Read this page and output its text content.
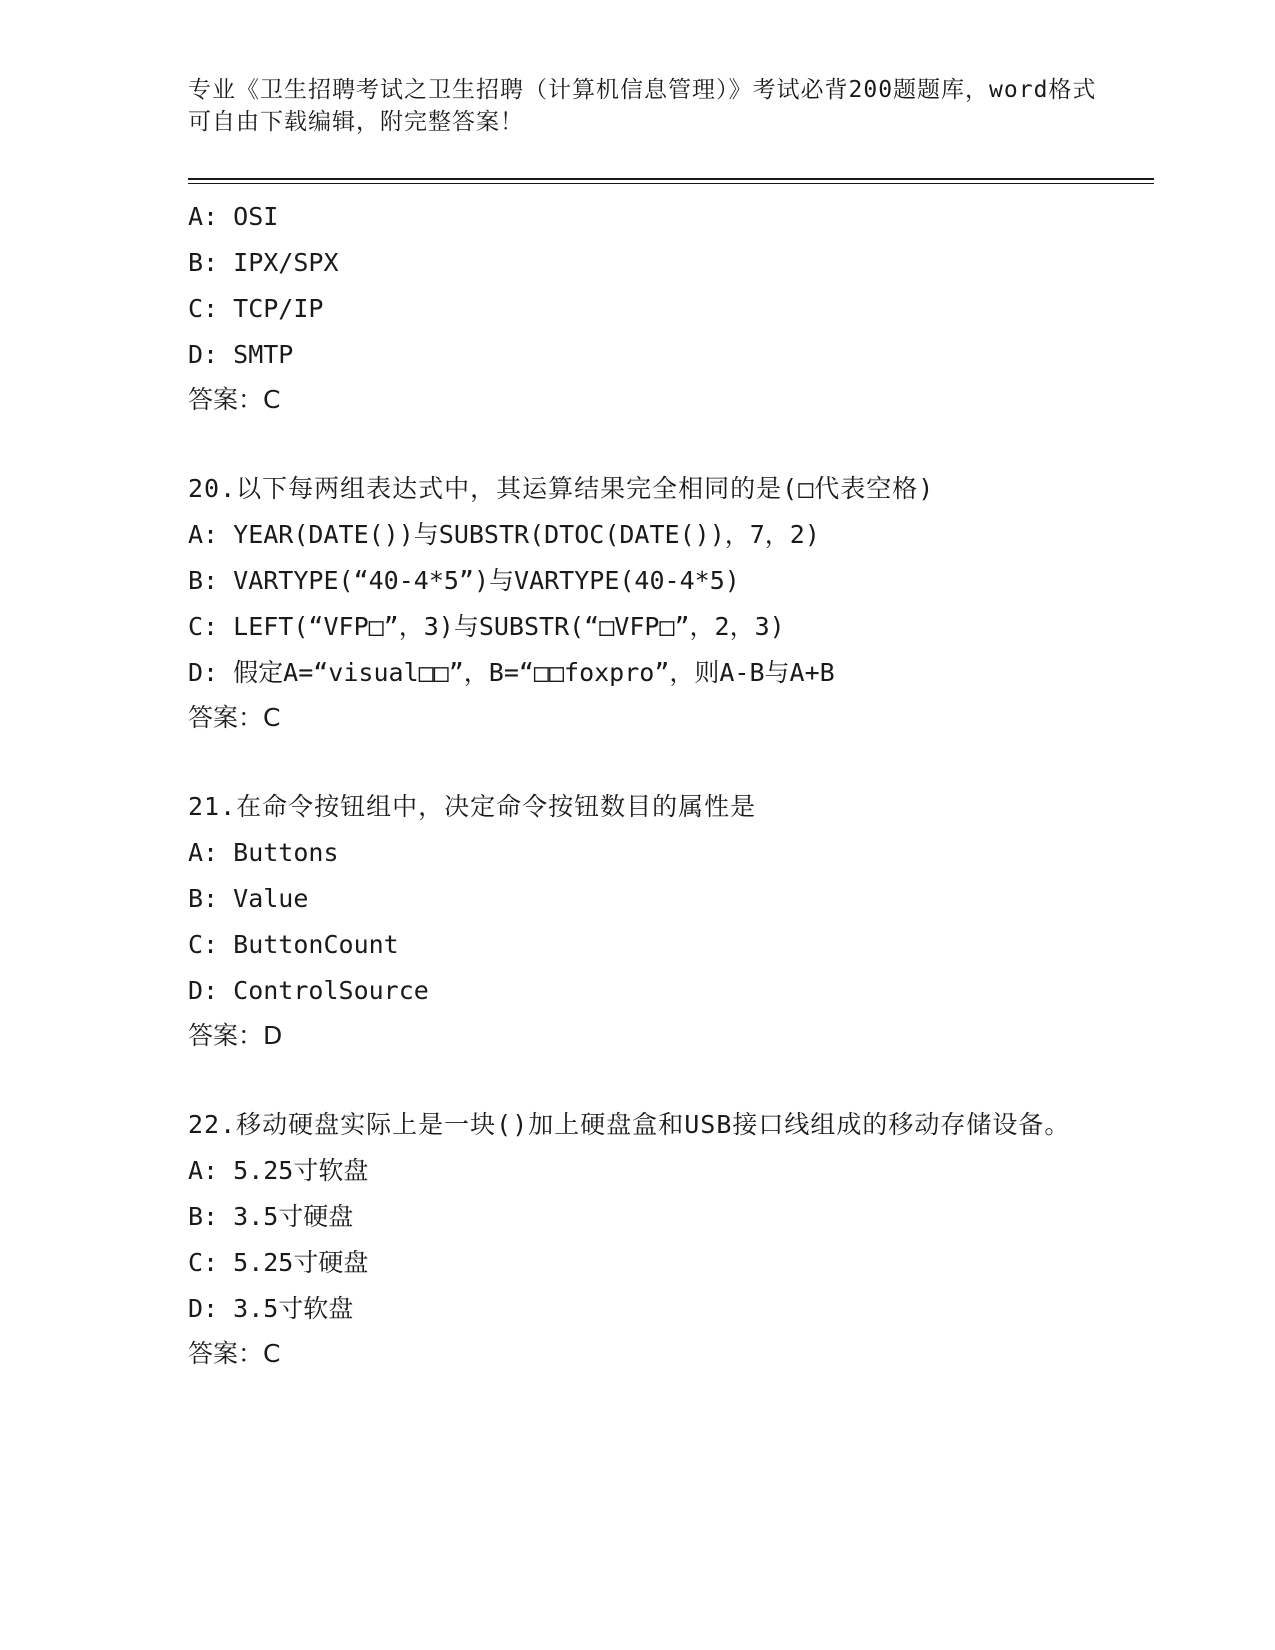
专业《卫生招聘考试之卫生招聘（计算机信息管理）》考试必背200题题库，word格式可自由下载编辑，附完整答案！
A: OSI
B: IPX/SPX
C: TCP/IP
D: SMTP
答案：C
20.以下每两组表达式中，其运算结果完全相同的是(□代表空格)
A: YEAR(DATE())与SUBSTR(DTOC(DATE())，7，2)
B: VARTYPE(“40-4*5”)与VARTYPE(40-4*5)
C: LEFT(“VFP□”，3)与SUBSTR(“□VFP□”，2，3)
D: 假定A=“visual□□”，B=“□□foxpro”，则A-B与A+B
答案：C
21.在命令按钮组中，决定命令按钮数目的属性是
A: Buttons
B: Value
C: ButtonCount
D: ControlSource
答案：D
22.移动硬盘实际上是一块()加上硬盘盒和USB接口线组成的移动存储设备。
A: 5.25寸软盘
B: 3.5寸硬盘
C: 5.25寸硬盘
D: 3.5寸软盘
答案：C
